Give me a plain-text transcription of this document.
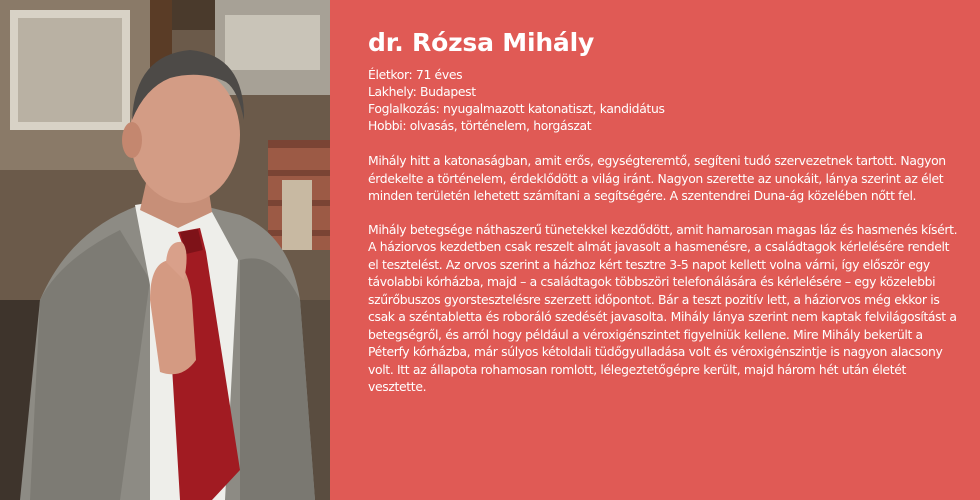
dr. Rózsa Mihály
Életkor: 71 éves
Lakhely: Budapest
Foglalkozás: nyugalmazott katonatiszt, kandidátus
Hobbi: olvasás, történelem, horgászat

Mihály hitt a katonaságban, amit erős, egységteremtő, segíteni tudó szervezetnek tartott. Nagyon érdekelte a történelem, érdeklődött a világ iránt. Nagyon szerette az unokáit, lánya szerint az élet minden területén lehetett számítani a segítségére. A szentendrei Duna-ág közelében nőtt fel.

Mihály betegsége náthaszerű tünetekkel kezdődött, amit hamarosan magas láz és hasmenés kísért. A háziorvos kezdetben csak reszelt almát javasolt a hasmenésre, a családtagok kérlelésére rendelt el tesztelést. Az orvos szerint a házhoz kért tesztre 3-5 napot kellett volna várni, így először egy távolabbi kórházba, majd – a családtagok többszöri telefonálására és kérlelésére – egy közelebbi szűrőbuszos gyorstesztelésre szerzett időpontot. Bár a teszt pozitív lett, a háziorvos még ekkor is csak a széntabletta és roboráló szedését javasolta. Mihály lánya szerint nem kaptak felvilágosítást a betegségről, és arról hogy például a véroxigénszintet figyelniük kellene. Mire Mihály bekerült a Péterfy kórházba, már súlyos kétoldali tüdőgyulladása volt és véroxigénszintje is nagyon alacsony volt. Itt az állapota rohamosan romlott, lélegeztetőgépre került, majd három hét után életét vesztette.
